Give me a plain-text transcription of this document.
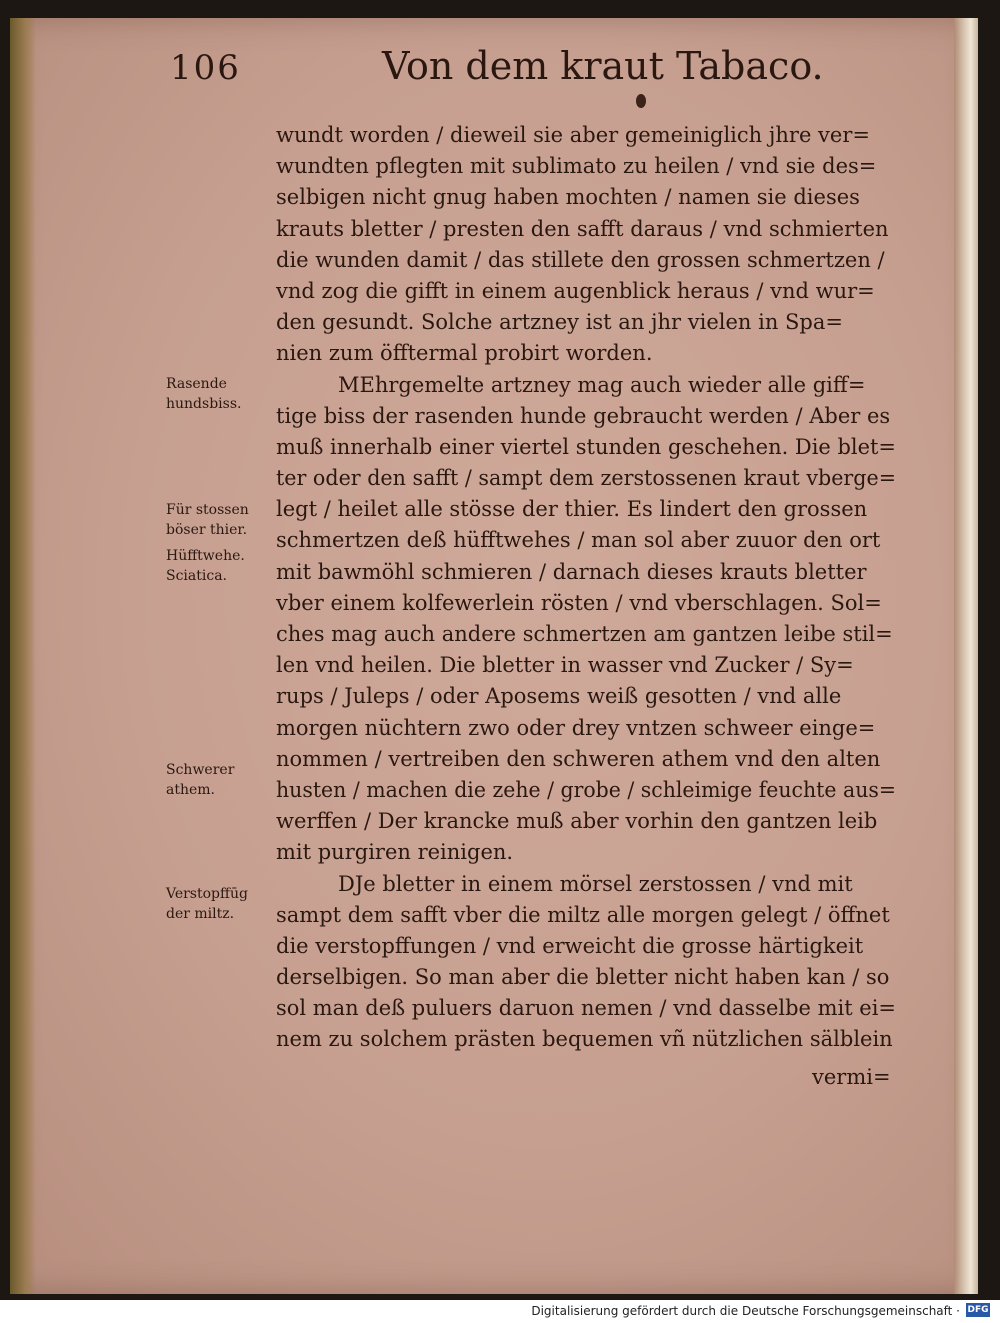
106	Von dem kraut Tabaco.
wundt worden / dieweil sie aber gemeiniglich jhre ver=
wundten pflegten mit sublimato zu heilen / vnd sie des=
selbigen nicht gnug haben mochten / namen sie dieses
krauts bletter / presten den safft daraus / vnd schmierten
die wunden damit / das stillete den grossen schmertzen /
vnd zog die gifft in einem augenblick heraus / vnd wur=
den gesundt. Solche artzney ist an jhr vielen in Spa=
nien zum öfftermal probirt worden.
MEhrgemelte artzney mag auch wieder alle giff=
tige biss der rasenden hunde gebraucht werden / Aber es
muß innerhalb einer viertel stunden geschehen. Die blet=
ter oder den safft / sampt dem zerstossenen kraut vberge=
legt / heilet alle stösse der thier. Es lindert den grossen
schmertzen deß hüfftwehes / man sol aber zuuor den ort
mit bawmöhl schmieren / darnach dieses krauts bletter
vber einem kolfewerlein rösten / vnd vberschlagen. Sol=
ches mag auch andere schmertzen am gantzen leibe stil=
len vnd heilen. Die bletter in wasser vnd Zucker / Sy=
rups / Juleps / oder Aposems weiß gesotten / vnd alle
morgen nüchtern zwo oder drey vntzen schweer einge=
nommen / vertreiben den schweren athem vnd den alten
husten / machen die zehe / grobe / schleimige feuchte aus=
werffen / Der krancke muß aber vorhin den gantzen leib
mit purgiren reinigen.
DJe bletter in einem mörsel zerstossen / vnd mit
sampt dem safft vber die miltz alle morgen gelegt / öffnet
die verstopffungen / vnd erweicht die grosse härtigkeit
derselbigen. So man aber die bletter nicht haben kan / so
sol man deß puluers daruon nemen / vnd dasselbe mit ei=
nem zu solchem prästen bequemen vñ nützlichen sälblein
vermi=
Rasende
hundsbiss.
Für stossen
böser thier.
Hüfftwehe.
Sciatica.
Schwerer
athem.
Verstopffūg
der miltz.
Digitalisierung gefördert durch die Deutsche Forschungsgemeinschaft · DFG
